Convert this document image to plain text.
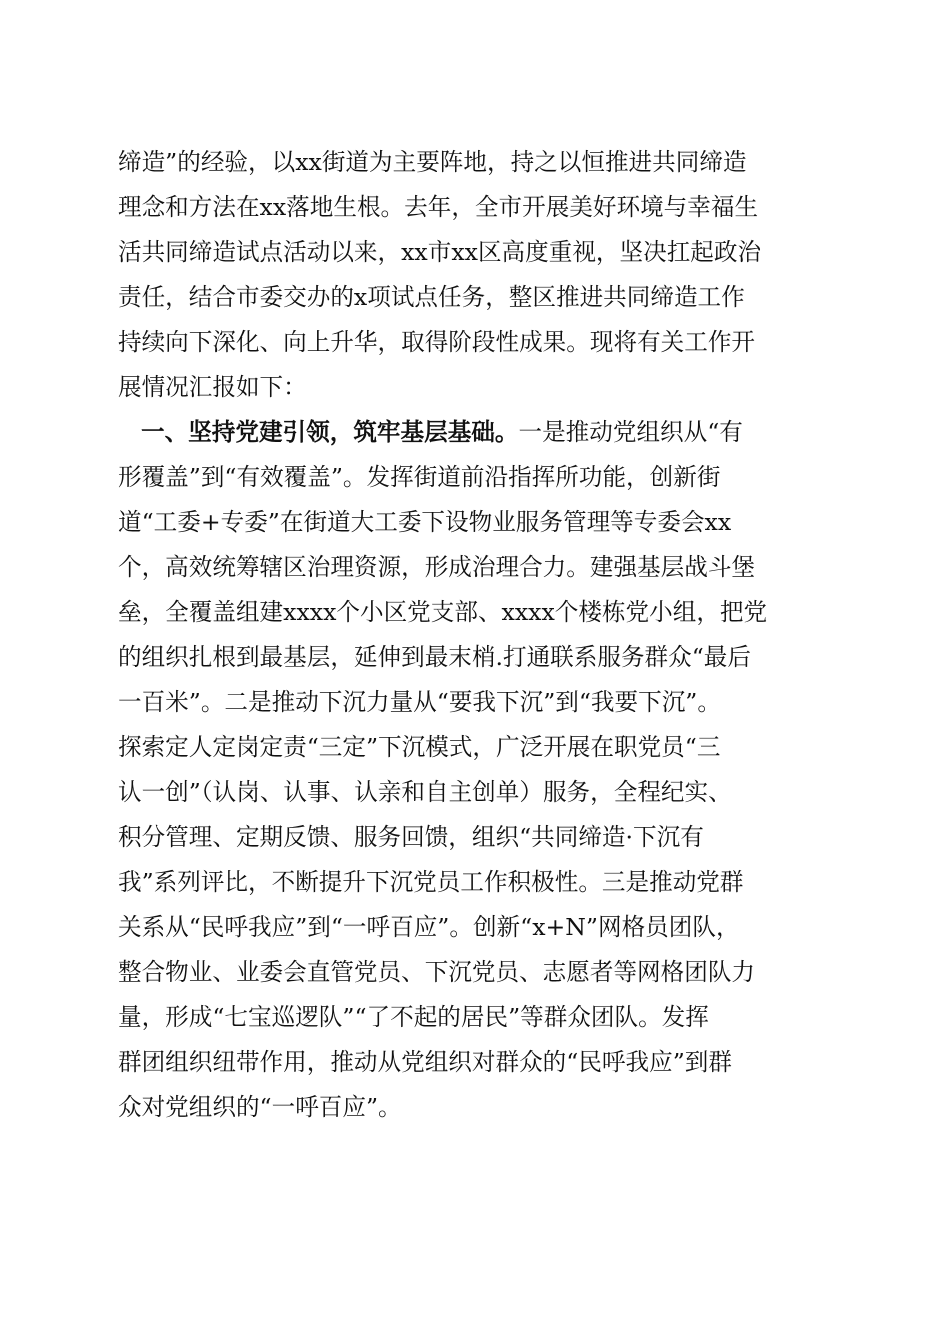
缔造”的经验，以xx街道为主要阵地，持之以恒推进共同缔造
理念和方法在xx落地生根。去年，全市开展美好环境与幸福生
活共同缔造试点活动以来，xx市xx区高度重视，坚决扛起政治
责任，结合市委交办的x项试点任务，整区推进共同缔造工作
持续向下深化、向上升华，取得阶段性成果。现将有关工作开
展情况汇报如下：
一、坚持党建引领，筑牢基层基础。一是推动党组织从“有
形覆盖”到“有效覆盖”。发挥街道前沿指挥所功能，创新街
道“工委+专委”在街道大工委下设物业服务管理等专委会xx
个，高效统筹辖区治理资源，形成治理合力。建强基层战斗堡
垒，全覆盖组建xxxx个小区党支部、xxxx个楼栋党小组，把党
的组织扎根到最基层，延伸到最末梢.打通联系服务群众“最后
一百米”。二是推动下沉力量从“要我下沉”到“我要下沉”。
探索定人定岗定责“三定”下沉模式，广泛开展在职党员“三
认一创”（认岗、认事、认亲和自主创单）服务，全程纪实、
积分管理、定期反馈、服务回馈，组织“共同缔造·下沉有
我”系列评比，不断提升下沉党员工作积极性。三是推动党群
关系从“民呼我应”到“一呼百应”。创新“x+N”网格员团队，
整合物业、业委会直管党员、下沉党员、志愿者等网格团队力
量，形成“七宝巡逻队”“了不起的居民”等群众团队。发挥
群团组织纽带作用，推动从党组织对群众的“民呼我应”到群
众对党组织的“一呼百应”。
